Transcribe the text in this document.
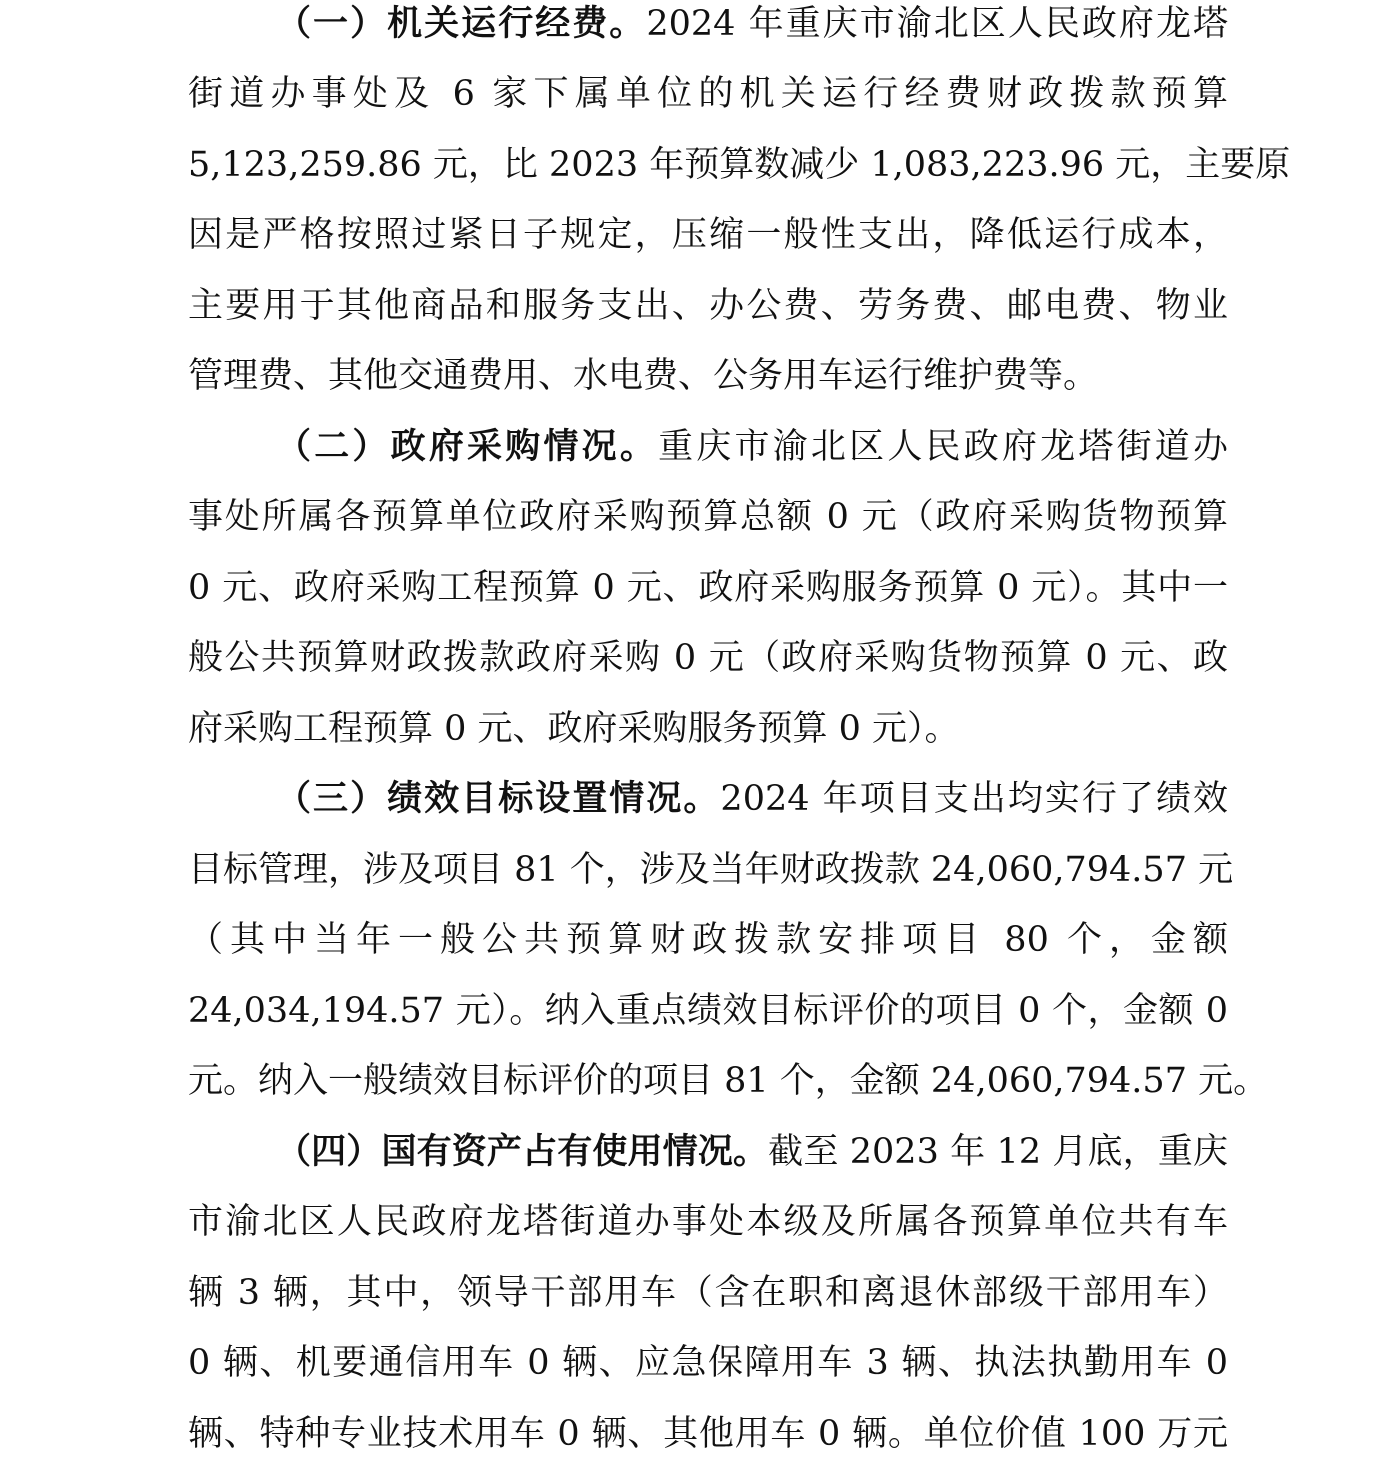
（一）机关运行经费。2024 年重庆市渝北区人民政府龙塔
街道办事处及 6 家下属单位的机关运行经费财政拨款预算
5,123,259.86 元，比 2023 年预算数减少 1,083,223.96 元，主要原
因是严格按照过紧日子规定，压缩一般性支出，降低运行成本，
主要用于其他商品和服务支出、办公费、劳务费、邮电费、物业
管理费、其他交通费用、水电费、公务用车运行维护费等。
（二）政府采购情况。重庆市渝北区人民政府龙塔街道办
事处所属各预算单位政府采购预算总额 0 元（政府采购货物预算
0 元、政府采购工程预算 0 元、政府采购服务预算 0 元）。其中一
般公共预算财政拨款政府采购 0 元（政府采购货物预算 0 元、政
府采购工程预算 0 元、政府采购服务预算 0 元）。
（三）绩效目标设置情况。2024 年项目支出均实行了绩效
目标管理，涉及项目 81 个，涉及当年财政拨款 24,060,794.57 元
（其中当年一般公共预算财政拨款安排项目 80 个，金额
24,034,194.57 元）。纳入重点绩效目标评价的项目 0 个，金额 0
元。纳入一般绩效目标评价的项目 81 个，金额 24,060,794.57 元。
（四）国有资产占有使用情况。截至 2023 年 12 月底，重庆
市渝北区人民政府龙塔街道办事处本级及所属各预算单位共有车
辆 3 辆，其中，领导干部用车（含在职和离退休部级干部用车）
0 辆、机要通信用车 0 辆、应急保障用车 3 辆、执法执勤用车 0
辆、特种专业技术用车 0 辆、其他用车 0 辆。单位价值 100 万元
